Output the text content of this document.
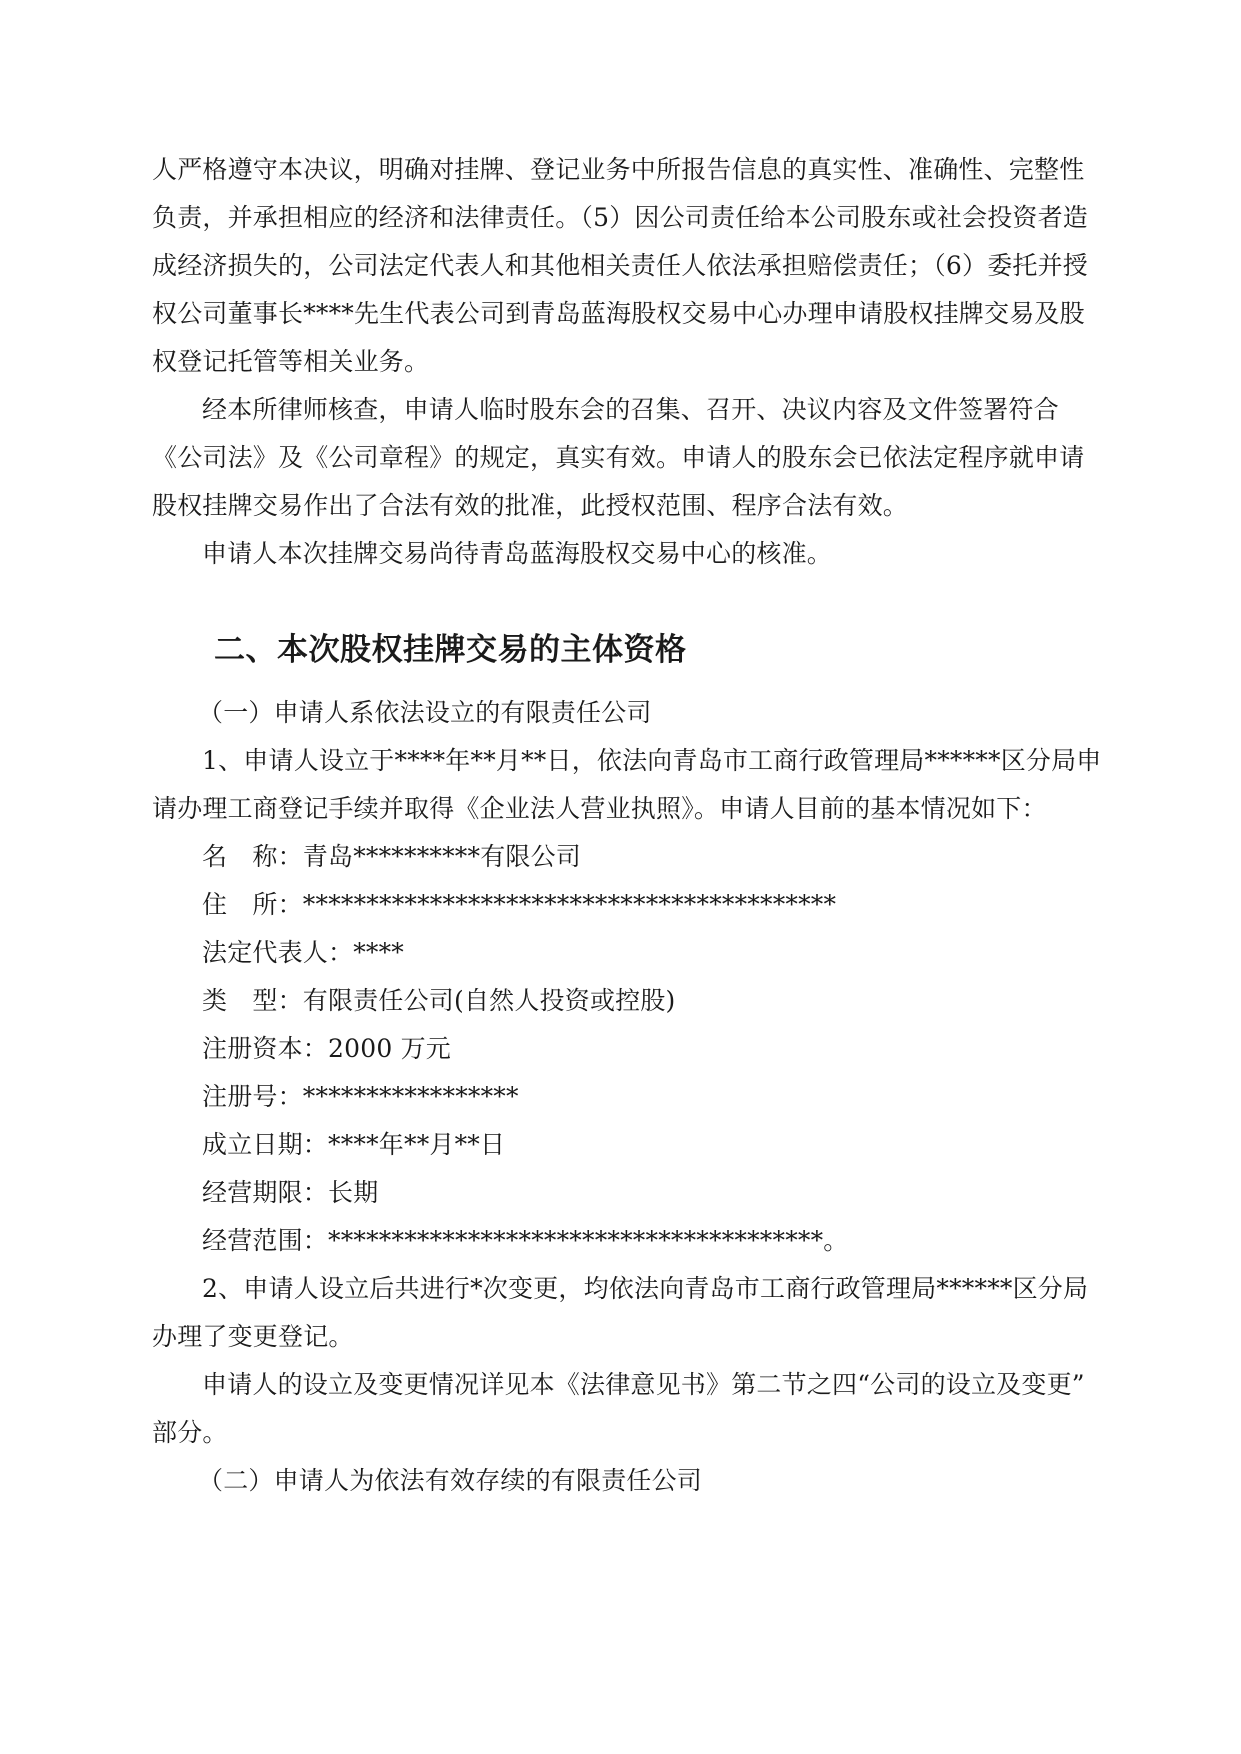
人严格遵守本决议，明确对挂牌、登记业务中所报告信息的真实性、准确性、完整性

负责，并承担相应的经济和法律责任。（5）因公司责任给本公司股东或社会投资者造

成经济损失的，公司法定代表人和其他相关责任人依法承担赔偿责任；（6）委托并授

权公司董事长****先生代表公司到青岛蓝海股权交易中心办理申请股权挂牌交易及股

权登记托管等相关业务。

经本所律师核查，申请人临时股东会的召集、召开、决议内容及文件签署符合

《公司法》及《公司章程》的规定，真实有效。申请人的股东会已依法定程序就申请

股权挂牌交易作出了合法有效的批准，此授权范围、程序合法有效。

申请人本次挂牌交易尚待青岛蓝海股权交易中心的核准。

二、本次股权挂牌交易的主体资格

（一）申请人系依法设立的有限责任公司

1、申请人设立于****年**月**日，依法向青岛市工商行政管理局******区分局申

请办理工商登记手续并取得《企业法人营业执照》。申请人目前的基本情况如下：

名　称：青岛**********有限公司

住　所：******************************************

法定代表人：****

类　型：有限责任公司(自然人投资或控股)

注册资本：2000 万元

注册号：*****************

成立日期：****年**月**日

经营期限：长期

经营范围：***************************************。

2、申请人设立后共进行*次变更，均依法向青岛市工商行政管理局******区分局

办理了变更登记。

申请人的设立及变更情况详见本《法律意见书》第二节之四“公司的设立及变更”

部分。

（二）申请人为依法有效存续的有限责任公司
